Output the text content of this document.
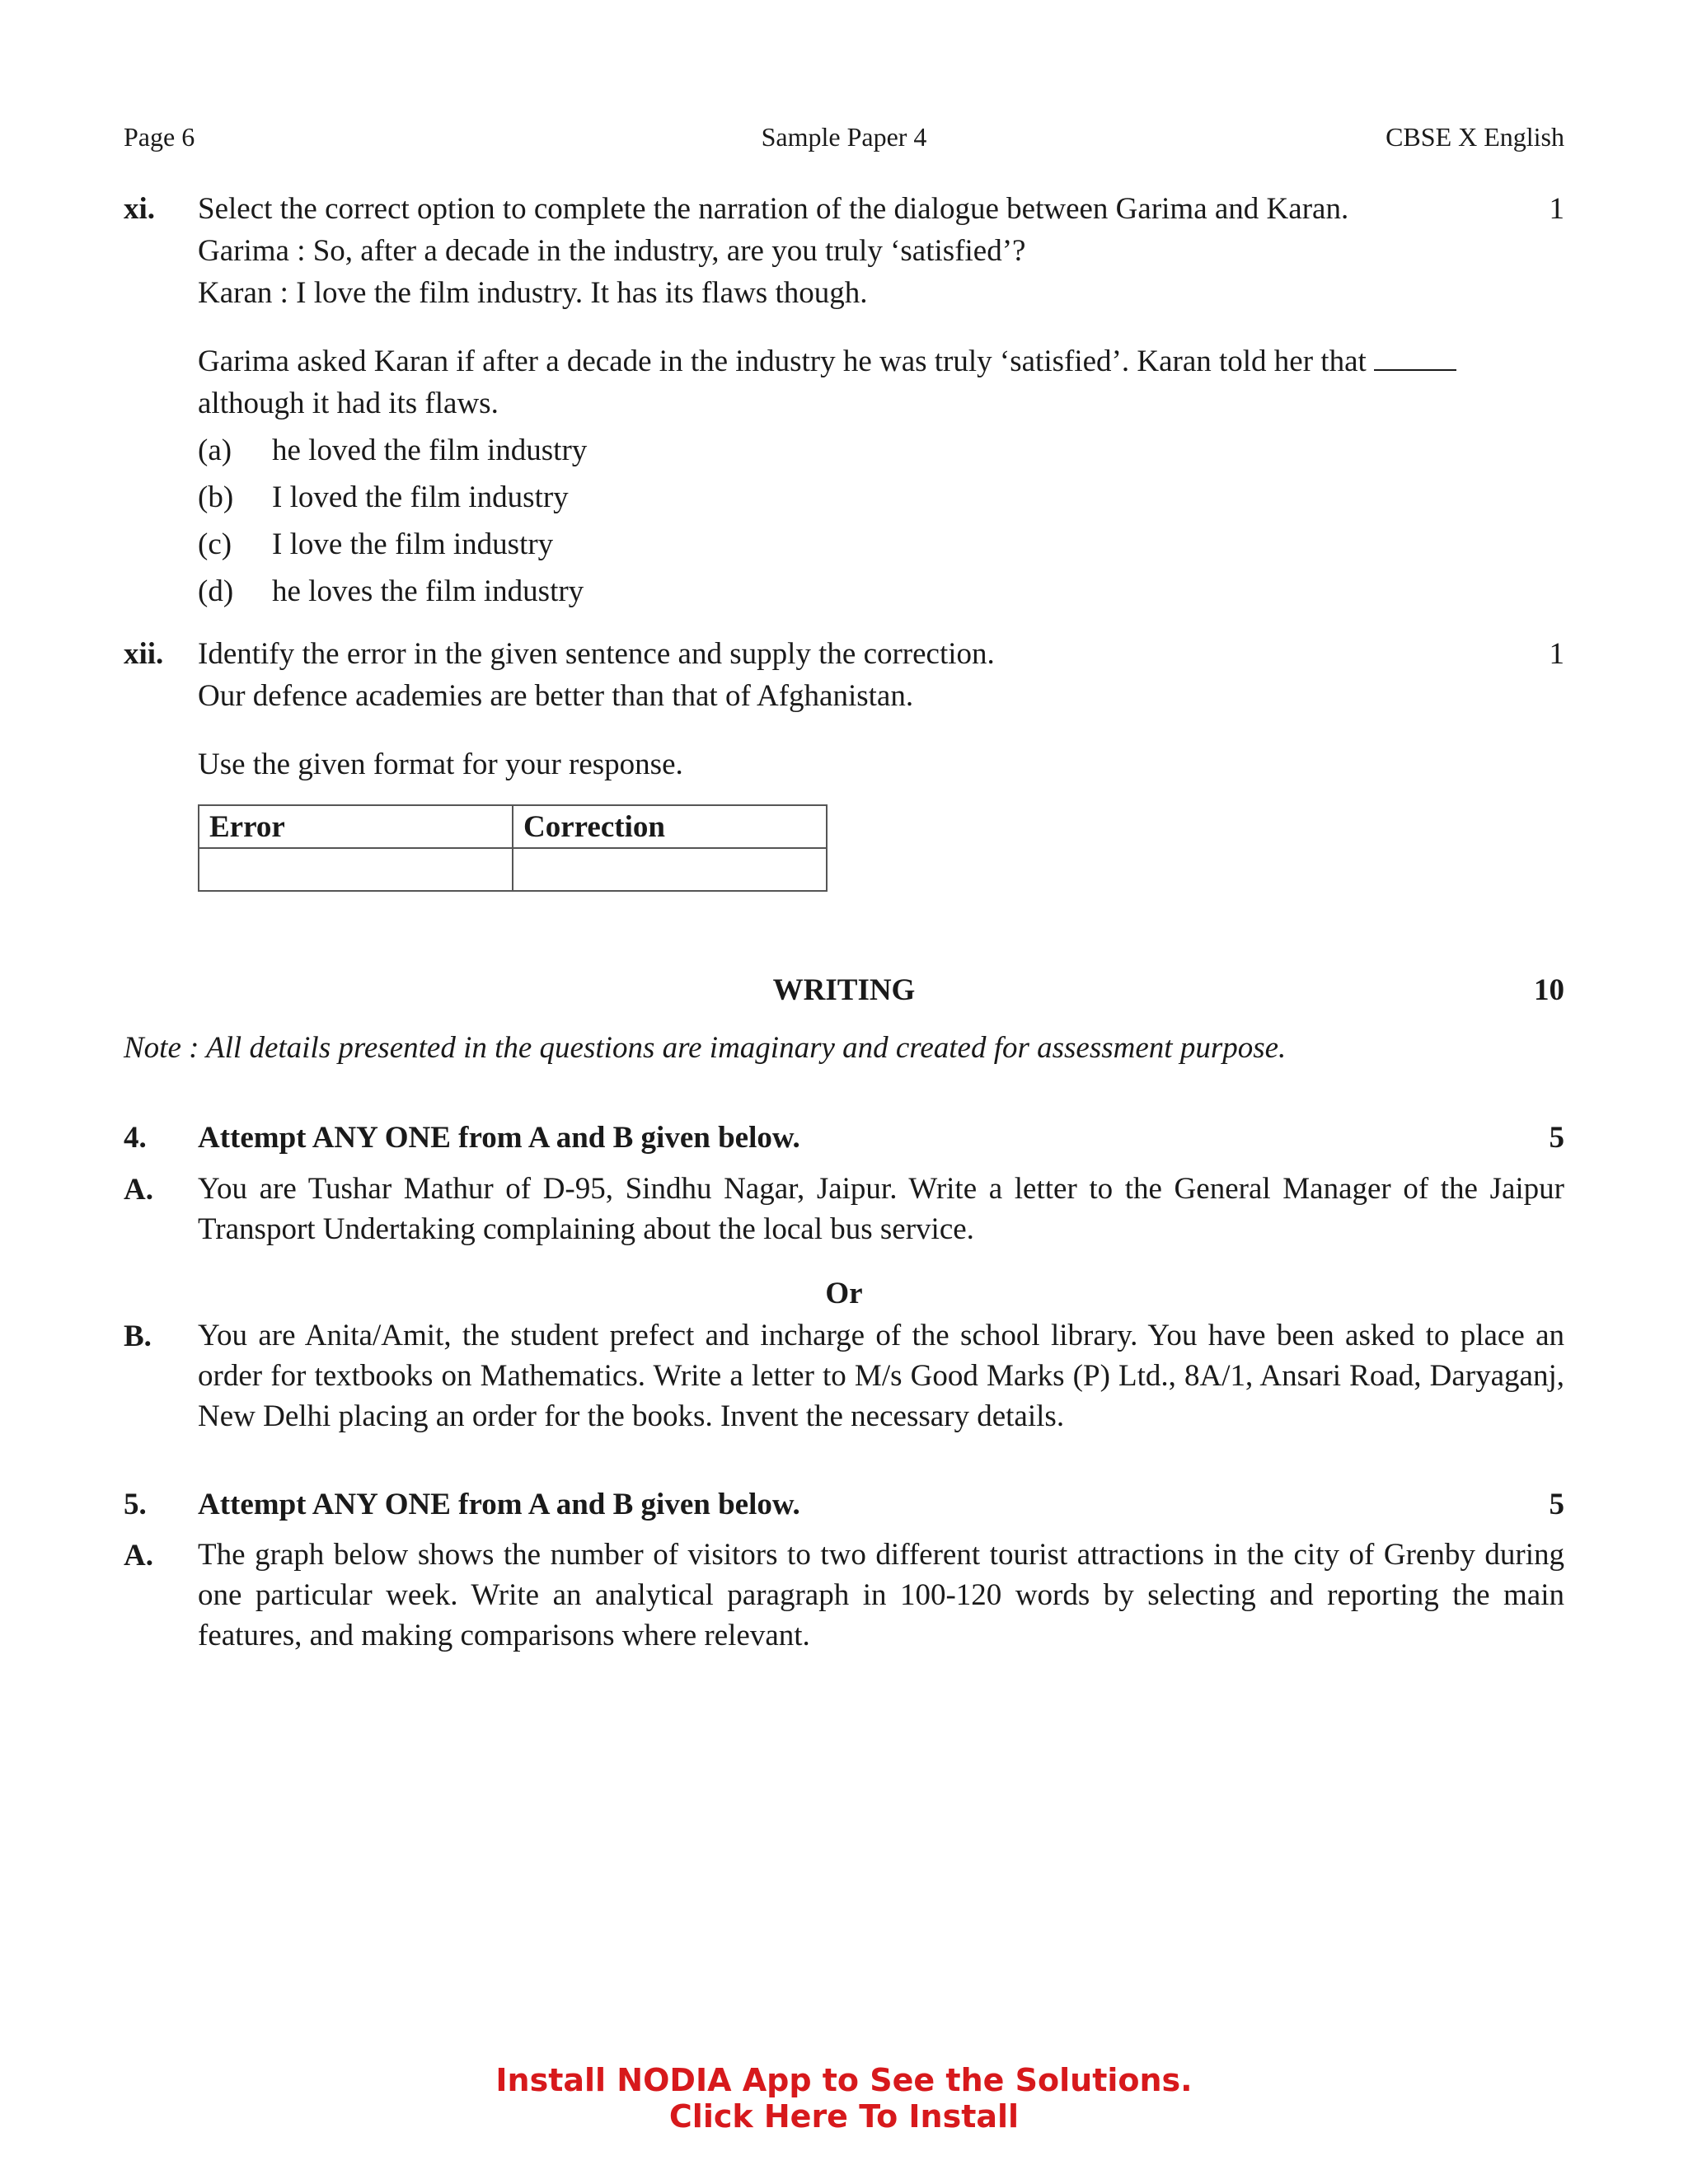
Page 6	Sample Paper 4	CBSE X English
xi.	1
Select the correct option to complete the narration of the dialogue between Garima and Karan.
Garima : So, after a decade in the industry, are you truly ‘satisfied’?
Karan : I love the film industry. It has its flaws though.
Garima asked Karan if after a decade in the industry he was truly ‘satisfied’. Karan told her that
although it had its flaws.
(a) he loved the film industry
(b) I loved the film industry
(c) I love the film industry
(d) he loves the film industry
xii.	1
Identify the error in the given sentence and supply the correction.
Our defence academies are better than that of Afghanistan.
Use the given format for your response.
Error	Correction

WRITING	10
Note : All details presented in the questions are imaginary and created for assessment purpose.
4. Attempt ANY ONE from A and B given below.	5
A. You are Tushar Mathur of D-95, Sindhu Nagar, Jaipur. Write a letter to the General Manager of the Jaipur Transport Undertaking complaining about the local bus service.
Or
B. You are Anita/Amit, the student prefect and incharge of the school library. You have been asked to place an order for textbooks on Mathematics. Write a letter to M/s Good Marks (P) Ltd., 8A/1, Ansari Road, Daryaganj, New Delhi placing an order for the books. Invent the necessary details.
5. Attempt ANY ONE from A and B given below.	5
A. The graph below shows the number of visitors to two different tourist attractions in the city of Grenby during one particular week. Write an analytical paragraph in 100-120 words by selecting and reporting the main features, and making comparisons where relevant.
Install NODIA App to See the Solutions.
Click Here To Install
